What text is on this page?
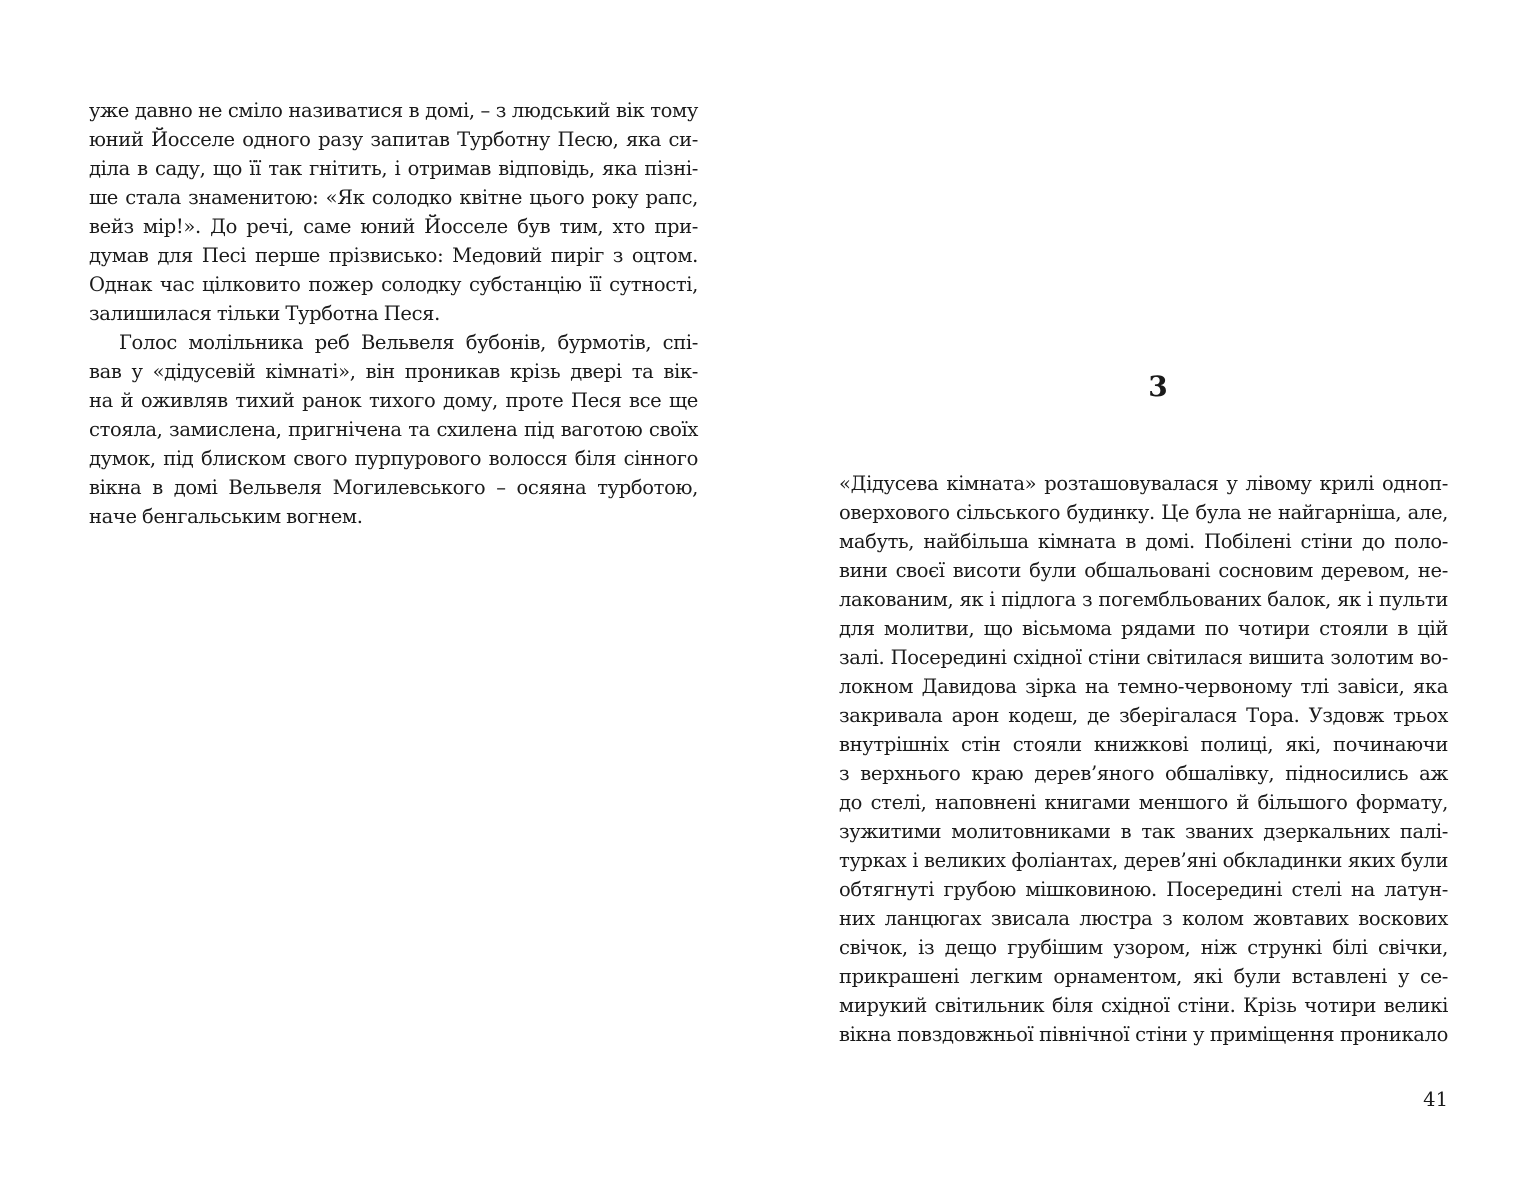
уже давно не сміло називатися в домі, – з людський вік тому
юний Йосселе одного разу запитав Турботну Песю, яка си-
діла в саду, що її так гнітить, і отримав відповідь, яка пізні-
ше стала знаменитою: «Як солодко квітне цього року рапс,
вейз мір!». До речі, саме юний Йосселе був тим, хто при-
думав для Песі перше прізвисько: Медовий пиріг з оцтом.
Однак час цілковито пожер солодку субстанцію її сутності,
залишилася тільки Турботна Песя.

Голос молільника реб Вельвеля бубонів, бурмотів, спі-
вав у «дідусевій кімнаті», він проникав крізь двері та вік-
на й оживляв тихий ранок тихого дому, проте Песя все ще
стояла, замислена, пригнічена та схилена під ваготою своїх
думок, під блиском свого пурпурового волосся біля сінного
вікна в домі Вельвеля Могилевського – осяяна турботою,
наче бенгальським вогнем.

3

«Дідусева кімната» розташовувалася у лівому крилі одноп-
оверхового сільського будинку. Це була не найгарніша, але,
мабуть, найбільша кімната в домі. Побілені стіни до поло-
вини своєї висоти були обшальовані сосновим деревом, не-
лакованим, як і підлога з погембльованих балок, як і пульти
для молитви, що вісьмома рядами по чотири стояли в цій
залі. Посередині східної стіни світилася вишита золотим во-
локном Давидова зірка на темно-червоному тлі завіси, яка
закривала арон кодеш, де зберігалася Тора. Уздовж трьох
внутрішніх стін стояли книжкові полиці, які, починаючи
з верхнього краю дерев’яного обшалівку, підносились аж
до стелі, наповнені книгами меншого й більшого формату,
зужитими молитовниками в так званих дзеркальних палі-
турках і великих фоліантах, дерев’яні обкладинки яких були
обтягнуті грубою мішковиною. Посередині стелі на латун-
них ланцюгах звисала люстра з колом жовтавих воскових
свічок, із дещо грубішим узором, ніж стрункі білі свічки,
прикрашені легким орнаментом, які були вставлені у се-
мирукий світильник біля східної стіни. Крізь чотири великі
вікна повздовжньої північної стіни у приміщення проникало

41
